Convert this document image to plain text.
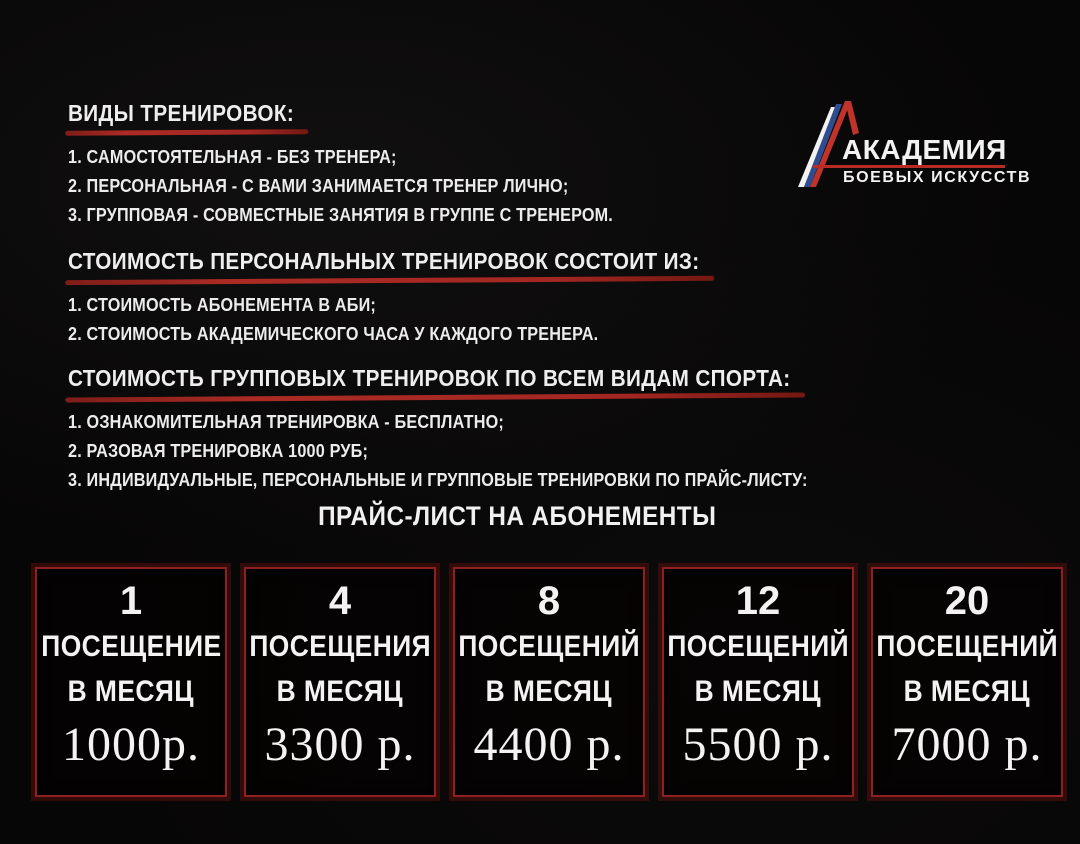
АКАДЕМИЯ
БОЕВЫХ ИСКУССТВ
ВИДЫ ТРЕНИРОВОК:
1. САМОСТОЯТЕЛЬНАЯ - БЕЗ ТРЕНЕРА;
2. ПЕРСОНАЛЬНАЯ - С ВАМИ ЗАНИМАЕТСЯ ТРЕНЕР ЛИЧНО;
3. ГРУППОВАЯ - СОВМЕСТНЫЕ ЗАНЯТИЯ В ГРУППЕ С ТРЕНЕРОМ.
СТОИМОСТЬ ПЕРСОНАЛЬНЫХ ТРЕНИРОВОК СОСТОИТ ИЗ:
1. СТОИМОСТЬ АБОНЕМЕНТА В АБИ;
2. СТОИМОСТЬ АКАДЕМИЧЕСКОГО ЧАСА У КАЖДОГО ТРЕНЕРА.
СТОИМОСТЬ ГРУППОВЫХ ТРЕНИРОВОК ПО ВСЕМ ВИДАМ СПОРТА:
1. ОЗНАКОМИТЕЛЬНАЯ ТРЕНИРОВКА - БЕСПЛАТНО;
2. РАЗОВАЯ ТРЕНИРОВКА 1000 РУБ;
3. ИНДИВИДУАЛЬНЫЕ, ПЕРСОНАЛЬНЫЕ И ГРУППОВЫЕ ТРЕНИРОВКИ ПО ПРАЙС-ЛИСТУ:
ПРАЙС-ЛИСТ НА АБОНЕМЕНТЫ
1
ПОСЕЩЕНИЕ
В МЕСЯЦ
1000р.
4
ПОСЕЩЕНИЯ
В МЕСЯЦ
3300 р.
8
ПОСЕЩЕНИЙ
В МЕСЯЦ
4400 р.
12
ПОСЕЩЕНИЙ
В МЕСЯЦ
5500 р.
20
ПОСЕЩЕНИЙ
В МЕСЯЦ
7000 р.
